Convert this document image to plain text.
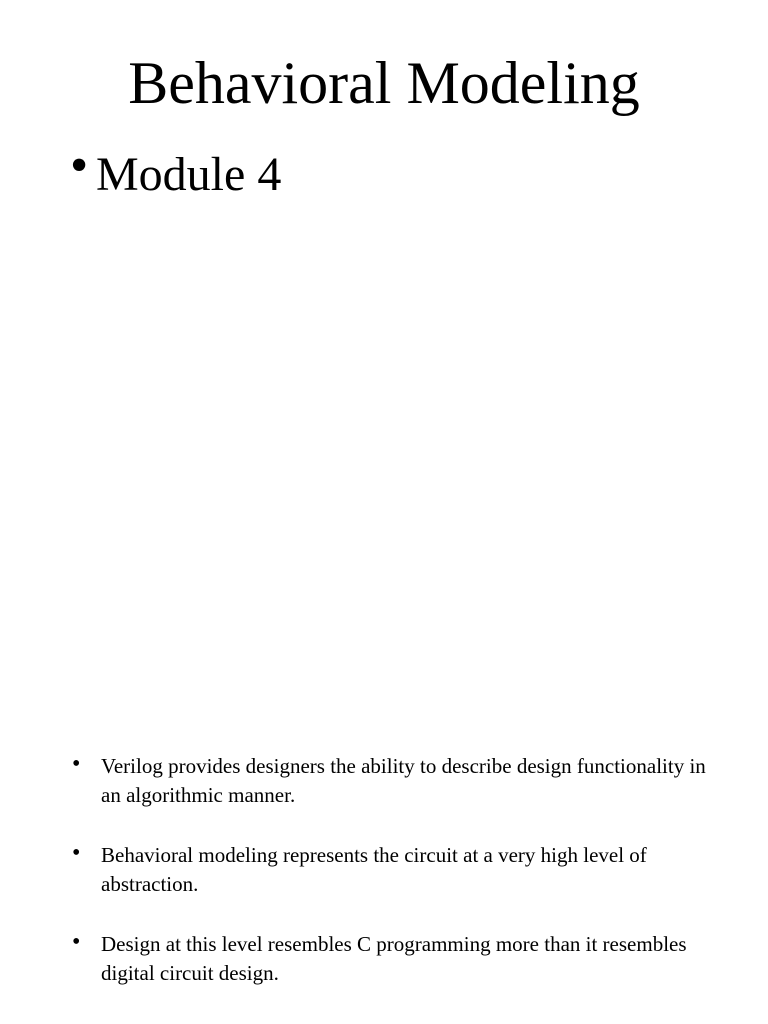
Behavioral Modeling
• Module 4
• Verilog provides designers the ability to describe design functionality in an algorithmic manner.
• Behavioral modeling represents the circuit at a very high level of abstraction.
• Design at this level resembles C programming more than it resembles digital circuit design.
